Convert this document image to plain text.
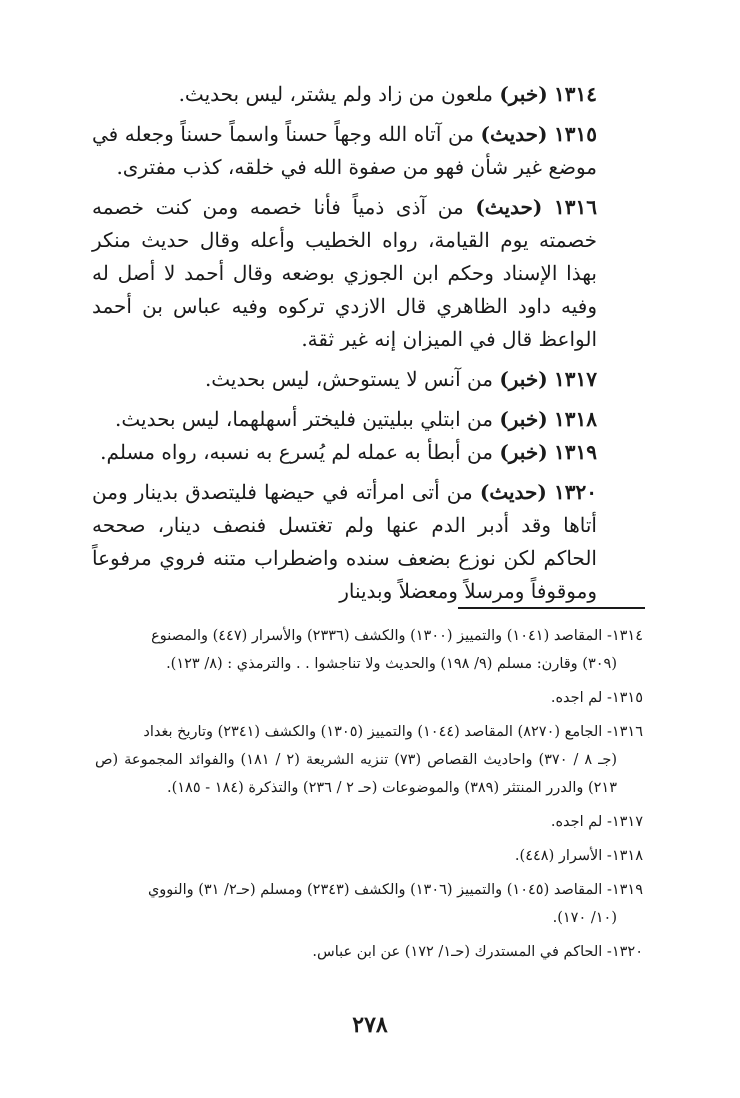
١٣١٤ (خبر) ملعون من زاد ولم يشتر، ليس بحديث.

١٣١٥ (حديث) من آتاه الله وجهاً حسناً واسماً حسناً وجعله في موضع غير شأن فهو من صفوة الله في خلقه، كذب مفترى.

١٣١٦ (حديث) من آذى ذمياً فأنا خصمه ومن كنت خصمه خصمته يوم القيامة، رواه الخطيب وأعله وقال حديث منكر بهذا الإسناد وحكم ابن الجوزي بوضعه وقال أحمد لا أصل له وفيه داود الظاهري قال الازدي تركوه وفيه عباس بن أحمد الواعظ قال في الميزان إنه غير ثقة.

١٣١٧ (خبر) من آنس لا يستوحش، ليس بحديث.

١٣١٨ (خبر) من ابتلي ببليتين فليختر أسهلهما، ليس بحديث.

١٣١٩ (خبر) من أبطأ به عمله لم يُسرع به نسبه، رواه مسلم.

١٣٢٠ (حديث) من أتى امرأته في حيضها فليتصدق بدينار ومن أتاها وقد أدبر الدم عنها ولم تغتسل فنصف دينار، صححه الحاكم لكن نوزع بضعف سنده واضطراب متنه فروي مرفوعاً وموقوفاً ومرسلاً ومعضلاً وبدينار

١٣١٤- المقاصد (١٠٤١) والتمييز (١٣٠٠) والكشف (٢٣٣٦) والأسرار (٤٤٧) والمصنوع
(٣٠٩) وقارن: مسلم (٩/ ١٩٨) والحديث ولا تناجشوا . . والترمذي : (٨/ ١٢٣).
١٣١٥- لم اجده.
١٣١٦- الجامع (٨٢٧٠) المقاصد (١٠٤٤) والتمييز (١٣٠٥) والكشف (٢٣٤١) وتاريخ بغداد
(جـ ٨ / ٣٧٠) واحاديث القصاص (٧٣) تنزيه الشريعة (٢ / ١٨١) والفوائد المجموعة (ص ٢١٣) والدرر المنتثر (٣٨٩) والموضوعات (حـ ٢ / ٢٣٦) والتذكرة (١٨٤ - ١٨٥).
١٣١٧- لم اجده.
١٣١٨- الأسرار (٤٤٨).
١٣١٩- المقاصد (١٠٤٥) والتمييز (١٣٠٦) والكشف (٢٣٤٣) ومسلم (حـ٢/ ٣١) والنووي
(١٠/ ١٧٠).
١٣٢٠- الحاكم في المستدرك (حـ١/ ١٧٢) عن ابن عباس.
٢٧٨
